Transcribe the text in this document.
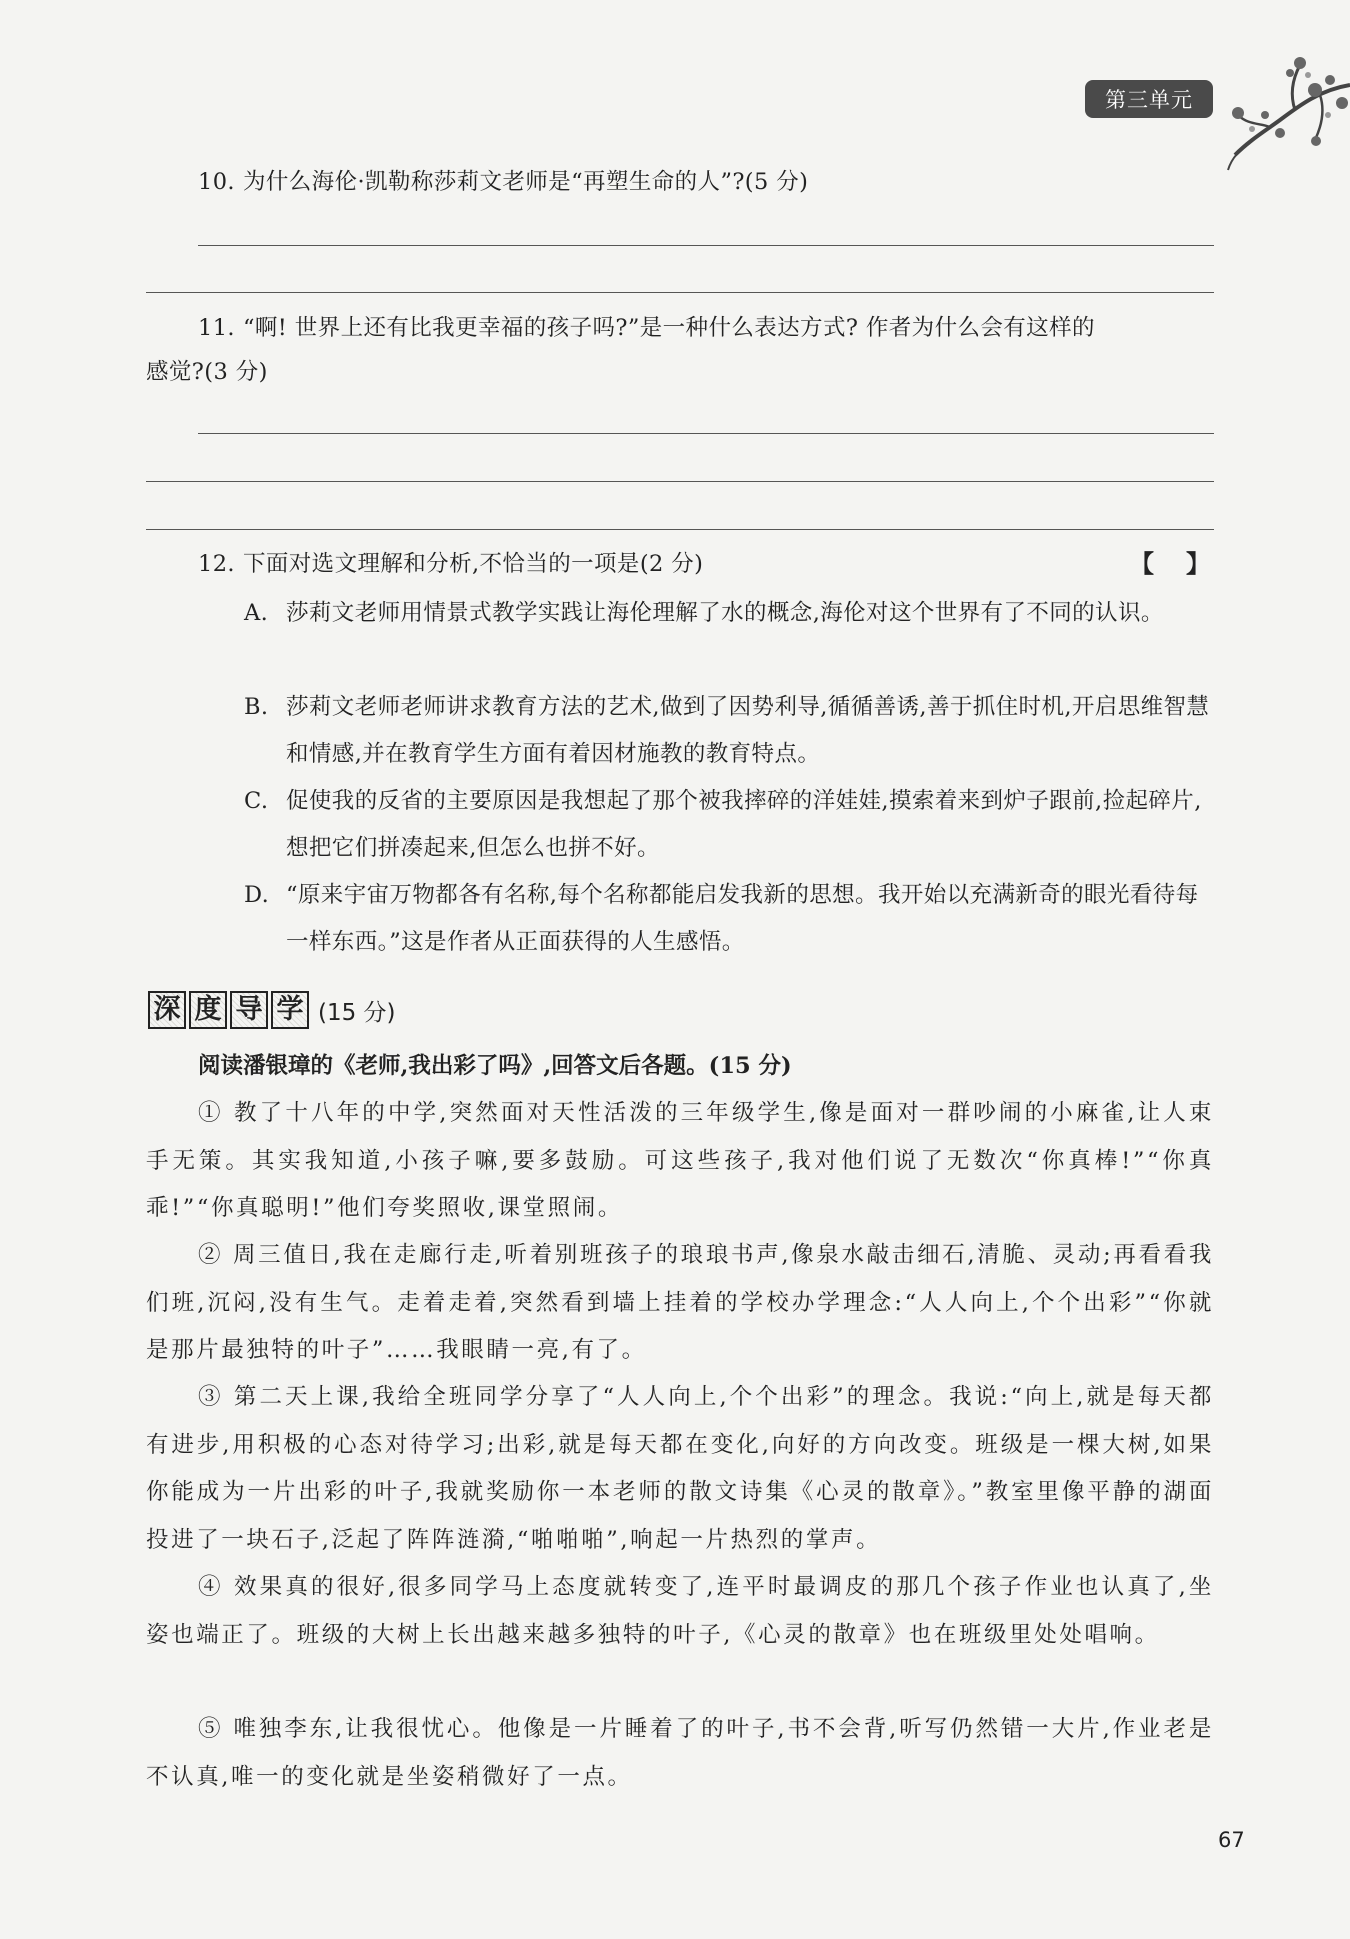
第三单元
10. 为什么海伦·凯勒称莎莉文老师是“再塑生命的人”?(5 分)
11. “啊! 世界上还有比我更幸福的孩子吗?”是一种什么表达方式? 作者为什么会有这样的
感觉?(3 分)
12. 下面对选文理解和分析,不恰当的一项是(2 分)	【 】
A. 莎莉文老师用情景式教学实践让海伦理解了水的概念,海伦对这个世界有了不同的认识。
B. 莎莉文老师老师讲求教育方法的艺术,做到了因势利导,循循善诱,善于抓住时机,开启思维智慧和情感,并在教育学生方面有着因材施教的教育特点。
C. 促使我的反省的主要原因是我想起了那个被我摔碎的洋娃娃,摸索着来到炉子跟前,捡起碎片,想把它们拼凑起来,但怎么也拼不好。
D. “原来宇宙万物都各有名称,每个名称都能启发我新的思想。我开始以充满新奇的眼光看待每一样东西。”这是作者从正面获得的人生感悟。
深 度 导 学 (15 分)
阅读潘银璋的《老师,我出彩了吗》,回答文后各题。(15 分)
① 教了十八年的中学,突然面对天性活泼的三年级学生,像是面对一群吵闹的小麻雀,让人束手无策。其实我知道,小孩子嘛,要多鼓励。可这些孩子,我对他们说了无数次“你真棒!”“你真乖!”“你真聪明!”他们夸奖照收,课堂照闹。
② 周三值日,我在走廊行走,听着别班孩子的琅琅书声,像泉水敲击细石,清脆、灵动;再看看我们班,沉闷,没有生气。走着走着,突然看到墙上挂着的学校办学理念:“人人向上,个个出彩”“你就是那片最独特的叶子”……我眼睛一亮,有了。
③ 第二天上课,我给全班同学分享了“人人向上,个个出彩”的理念。我说:“向上,就是每天都有进步,用积极的心态对待学习;出彩,就是每天都在变化,向好的方向改变。班级是一棵大树,如果你能成为一片出彩的叶子,我就奖励你一本老师的散文诗集《心灵的散章》。”教室里像平静的湖面投进了一块石子,泛起了阵阵涟漪,“啪啪啪”,响起一片热烈的掌声。
④ 效果真的很好,很多同学马上态度就转变了,连平时最调皮的那几个孩子作业也认真了,坐姿也端正了。班级的大树上长出越来越多独特的叶子,《心灵的散章》也在班级里处处唱响。
⑤ 唯独李东,让我很忧心。他像是一片睡着了的叶子,书不会背,听写仍然错一大片,作业老是不认真,唯一的变化就是坐姿稍微好了一点。
67
